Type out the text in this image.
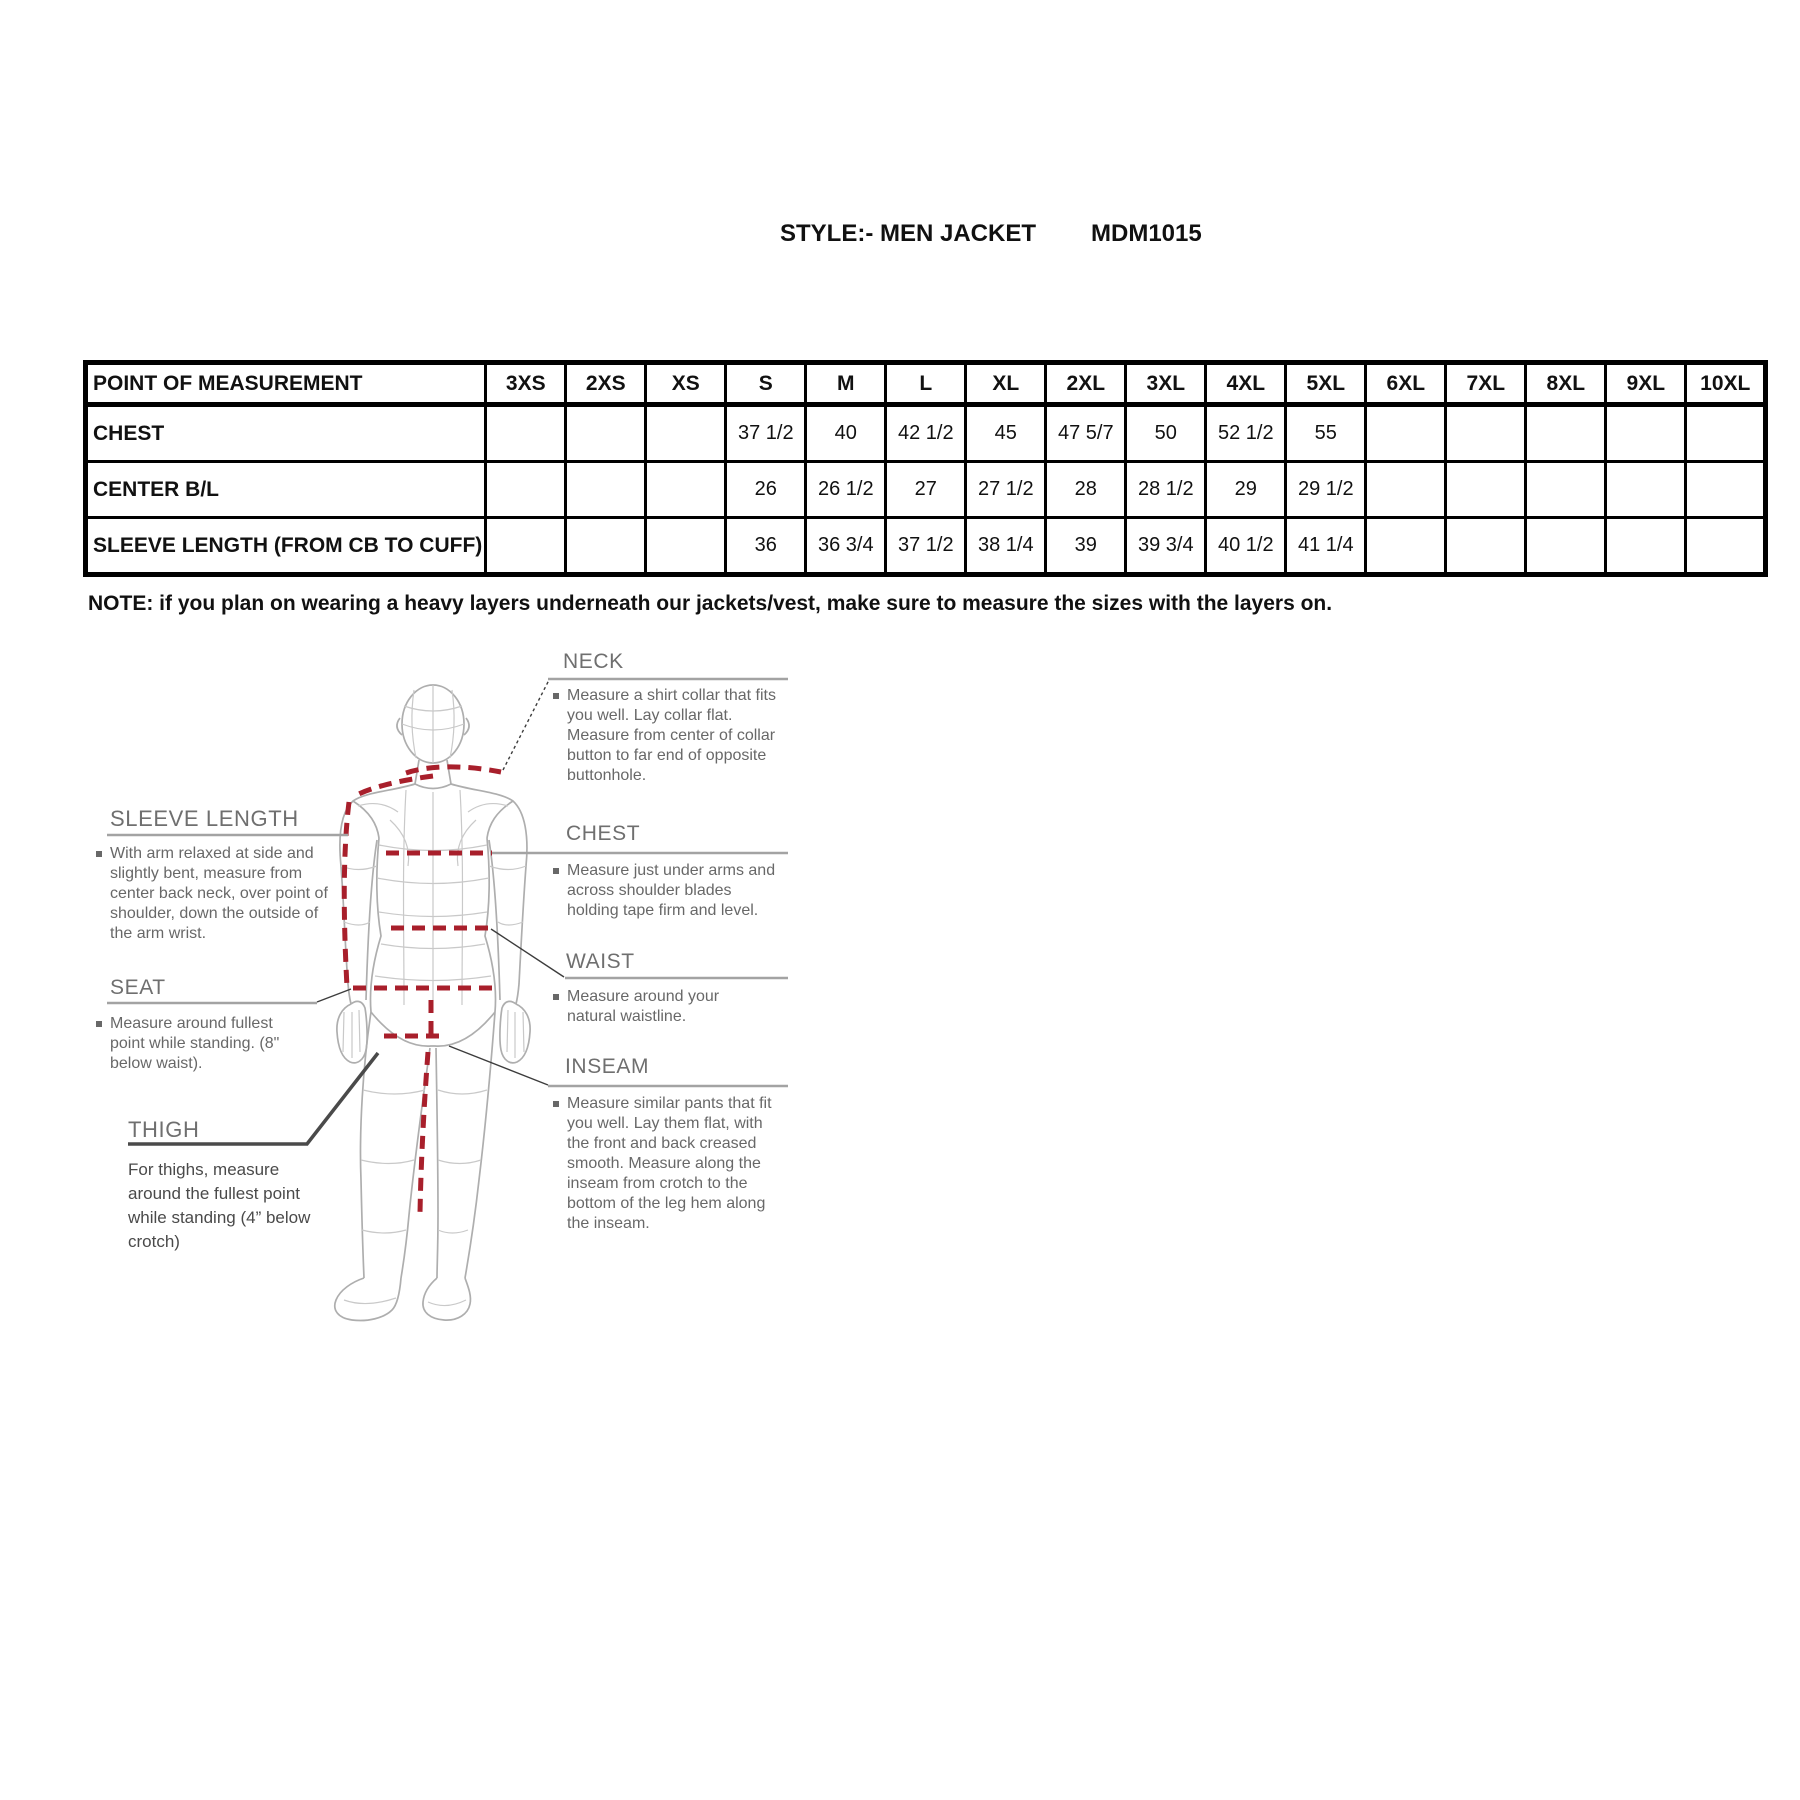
STYLE:- MEN JACKET MDM1015
POINT OF MEASUREMENT	3XS	2XS	XS	S	M	L	XL	2XL	3XL	4XL	5XL	6XL	7XL	8XL	9XL	10XL
CHEST				37 1/2	40	42 1/2	45	47 5/7	50	52 1/2	55					
CENTER B/L				26	26 1/2	27	27 1/2	28	28 1/2	29	29 1/2					
SLEEVE LENGTH (FROM CB TO CUFF)				36	36 3/4	37 1/2	38 1/4	39	39 3/4	40 1/2	41 1/4					
NOTE: if you plan on wearing a heavy layers underneath our jackets/vest, make sure to measure the sizes with the layers on.
NECK
Measure a shirt collar that fits you well. Lay collar flat. Measure from center of collar button to far end of opposite buttonhole.
CHEST
Measure just under arms and across shoulder blades holding tape firm and level.
WAIST
Measure around your natural waistline.
INSEAM
Measure similar pants that fit you well. Lay them flat, with the front and back creased smooth. Measure along the inseam from crotch to the bottom of the leg hem along the inseam.
SLEEVE LENGTH
With arm relaxed at side and slightly bent, measure from center back neck, over point of shoulder, down the outside of the arm wrist.
SEAT
Measure around fullest point while standing. (8" below waist).
THIGH
For thighs, measure around the fullest point while standing (4” below crotch)
